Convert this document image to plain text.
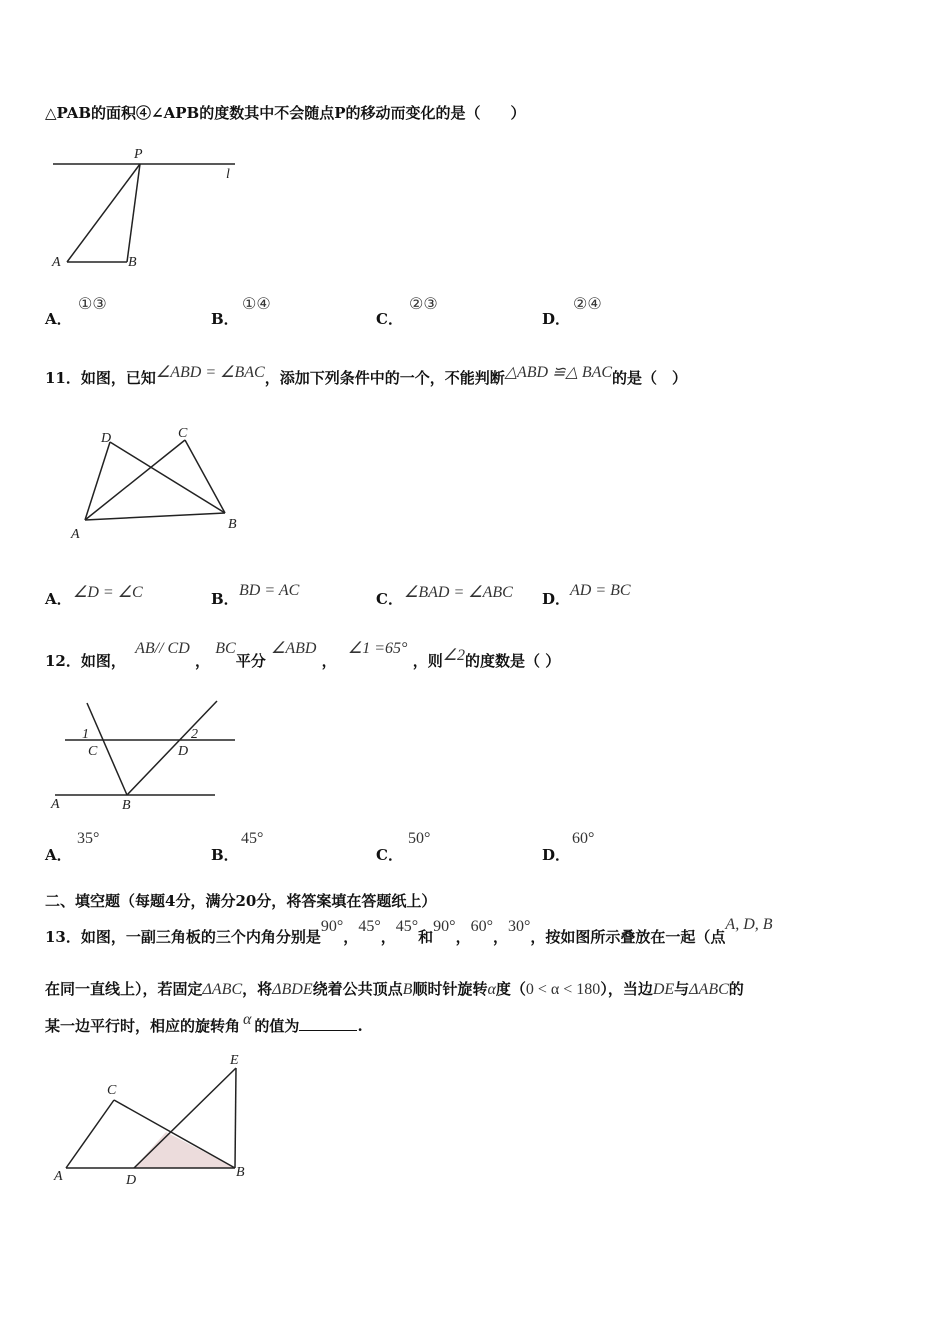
△PAB的面积④∠APB的度数其中不会随点P的移动而变化的是（　　）
P
l
A	B
A．
①③
B．
①④
C．
②③
D．
②④
11．如图，已知∠ABD = ∠BAC，添加下列条件中的一个，不能判断△ABD ≌△ BAC的是（　）
D	C
A
B
A． ∠D = ∠C	B． BD = AC	C． ∠BAD = ∠ABC D． AD = BC
12．如图， AB// CD ， BC平分 ∠ABD ， ∠1 =65° ，则∠2的度数是（ ）
1
C
2
D
A	B
A．
35°
B．
45°
C．
50°
D．
60°
二、填空题（每题4分，满分20分，将答案填在答题纸上）
13．如图，一副三角板的三个内角分别是90°，45°，45°和90°，60°，30°，按如图所示叠放在一起（点A, D, B
在同一直线上），若固定ΔABC，将ΔBDE绕着公共顶点B顺时针旋转α度（0 < α < 180），当边DE与ΔABC的
某一边平行时，相应的旋转角 α 的值为	.
C
E
A	D
B
